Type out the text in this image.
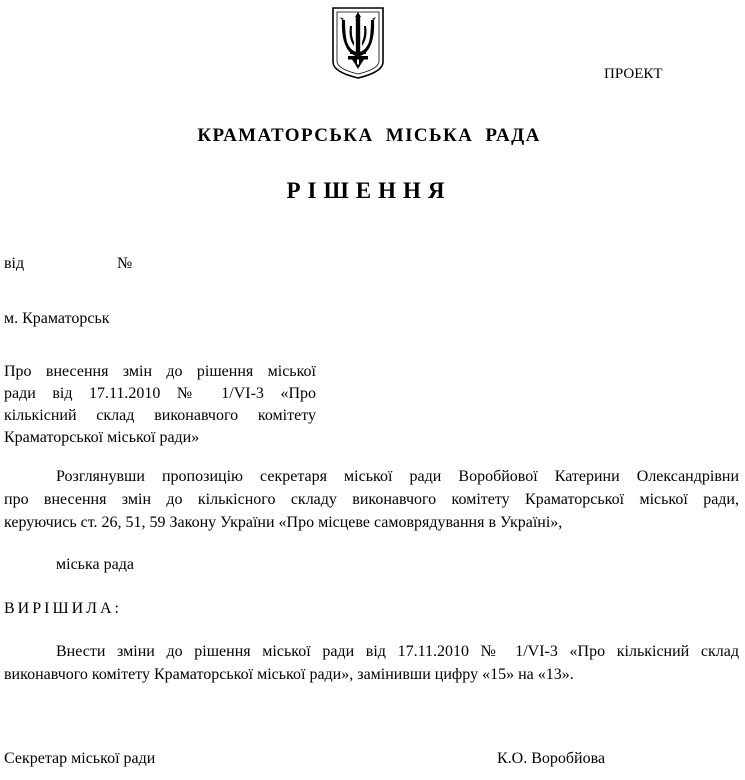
ПРОЕКТ
КРАМАТОРСЬКА МІСЬКА РАДА
РІШЕННЯ
від	№
м. Краматорськ
Про внесення змін до рішення міської
ради від 17.11.2010 № 1/VI-3 «Про
кількісний склад виконавчого комітету
Краматорської міської ради»
Розглянувши пропозицію секретаря міської ради Воробйової Катерини Олександрівни
про внесення змін до кількісного складу виконавчого комітету Краматорської міської ради,
керуючись ст. 26, 51, 59 Закону України «Про місцеве самоврядування в Україні»,
міська рада
ВИРІШИЛА:
Внести зміни до рішення міської ради від 17.11.2010 № 1/VI-3 «Про кількісний склад
виконавчого комітету Краматорської міської ради», замінивши цифру «15» на «13».
Секретар міської ради	К.О. Воробйова
